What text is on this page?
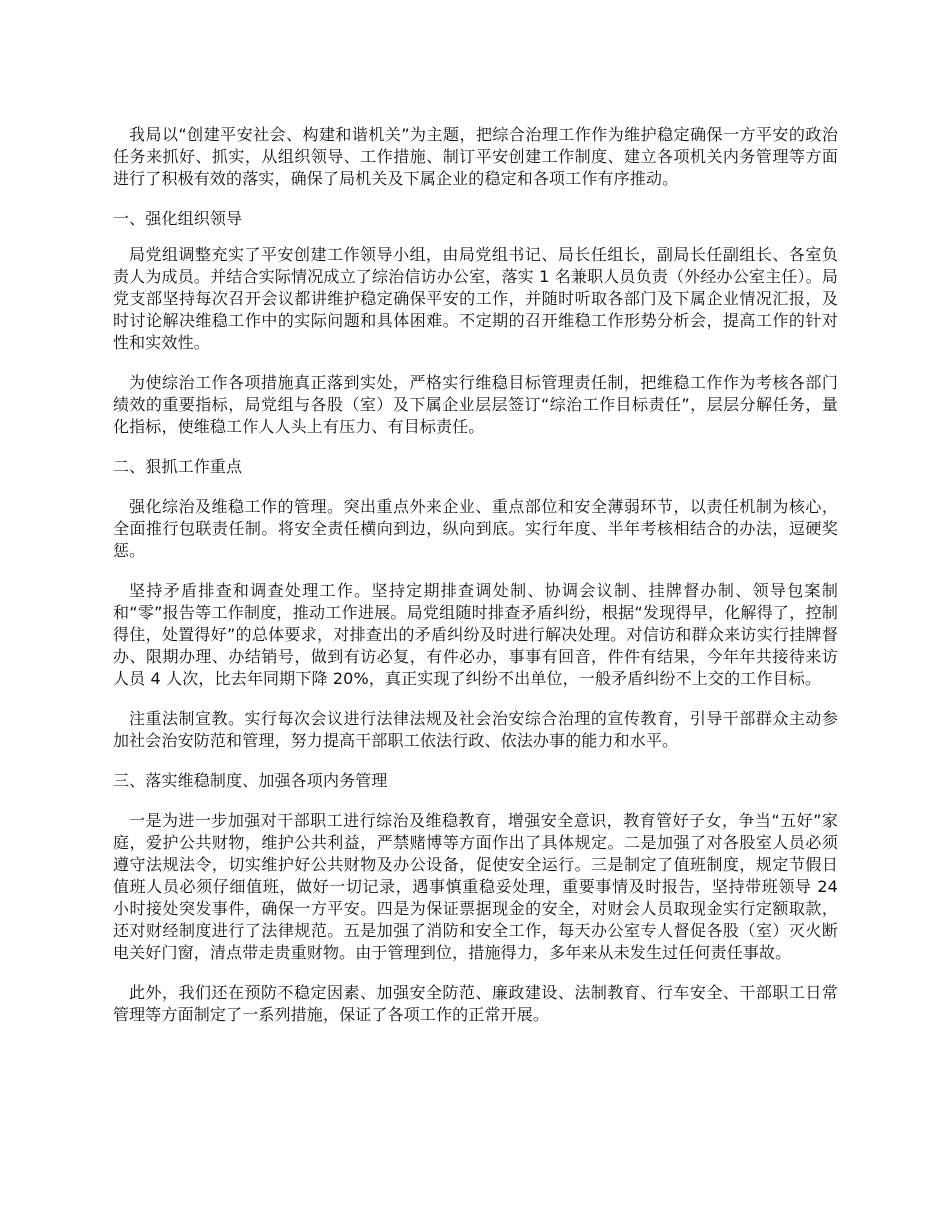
我局以“创建平安社会、构建和谐机关”为主题，把综合治理工作作为维护稳定确保一方平安的政治任务来抓好、抓实，从组织领导、工作措施、制订平安创建工作制度、建立各项机关内务管理等方面进行了积极有效的落实，确保了局机关及下属企业的稳定和各项工作有序推动。

一、强化组织领导

局党组调整充实了平安创建工作领导小组，由局党组书记、局长任组长，副局长任副组长、各室负责人为成员。并结合实际情况成立了综治信访办公室，落实 1 名兼职人员负责（外经办公室主任）。局党支部坚持每次召开会议都讲维护稳定确保平安的工作，并随时听取各部门及下属企业情况汇报，及时讨论解决维稳工作中的实际问题和具体困难。不定期的召开维稳工作形势分析会，提高工作的针对性和实效性。

为使综治工作各项措施真正落到实处，严格实行维稳目标管理责任制，把维稳工作作为考核各部门绩效的重要指标，局党组与各股（室）及下属企业层层签订“综治工作目标责任”，层层分解任务，量化指标，使维稳工作人人头上有压力、有目标责任。

二、狠抓工作重点

强化综治及维稳工作的管理。突出重点外来企业、重点部位和安全薄弱环节，以责任机制为核心，全面推行包联责任制。将安全责任横向到边，纵向到底。实行年度、半年考核相结合的办法，逗硬奖惩。

坚持矛盾排查和调查处理工作。坚持定期排查调处制、协调会议制、挂牌督办制、领导包案制和“零”报告等工作制度，推动工作进展。局党组随时排查矛盾纠纷，根据“发现得早，化解得了，控制得住，处置得好”的总体要求，对排查出的矛盾纠纷及时进行解决处理。对信访和群众来访实行挂牌督办、限期办理、办结销号，做到有访必复，有件必办，事事有回音，件件有结果，今年年共接待来访人员 4 人次，比去年同期下降 20%，真正实现了纠纷不出单位，一般矛盾纠纷不上交的工作目标。

注重法制宣教。实行每次会议进行法律法规及社会治安综合治理的宣传教育，引导干部群众主动参加社会治安防范和管理，努力提高干部职工依法行政、依法办事的能力和水平。

三、落实维稳制度、加强各项内务管理

一是为进一步加强对干部职工进行综治及维稳教育，增强安全意识，教育管好子女，争当“五好”家庭，爱护公共财物，维护公共利益，严禁赌博等方面作出了具体规定。二是加强了对各股室人员必须遵守法规法令，切实维护好公共财物及办公设备，促使安全运行。三是制定了值班制度，规定节假日值班人员必须仔细值班，做好一切记录，遇事慎重稳妥处理，重要事情及时报告，坚持带班领导 24 小时接处突发事件，确保一方平安。四是为保证票据现金的安全，对财会人员取现金实行定额取款，还对财经制度进行了法律规范。五是加强了消防和安全工作，每天办公室专人督促各股（室）灭火断电关好门窗，清点带走贵重财物。由于管理到位，措施得力，多年来从未发生过任何责任事故。

此外，我们还在预防不稳定因素、加强安全防范、廉政建设、法制教育、行车安全、干部职工日常管理等方面制定了一系列措施，保证了各项工作的正常开展。
